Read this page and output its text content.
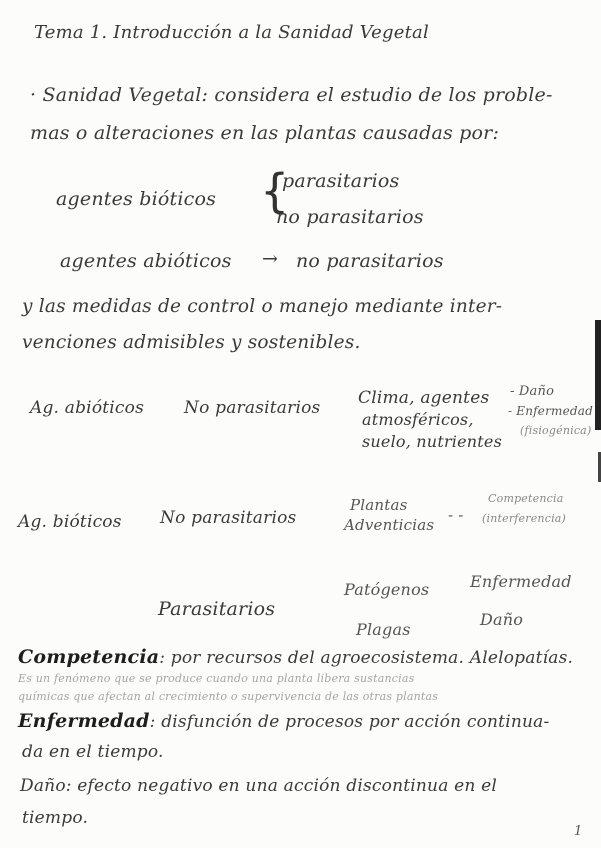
Tema 1. Introducción a la Sanidad Vegetal
· Sanidad Vegetal: considera el estudio de los proble-
mas o alteraciones en las plantas causadas por:
agentes bióticos {
parasitarios
no parasitarios
agentes abióticos → no parasitarios
y las medidas de control o manejo mediante inter-
venciones admisibles y sostenibles.
Ag. abióticos No parasitarios Clima, agentes
atmosféricos,
suelo, nutrientes
- Daño
- Enfermedad
(fisiogénica)
Ag. bióticos No parasitarios
Plantas
Adventicias
- -
Competencia
(interferencia)
Parasitarios
Patógenos	Enfermedad
Plagas
Daño
Competencia: por recursos del agroecosistema. Alelopatías.
Es un fenómeno que se produce cuando una planta libera sustancias
químicas que afectan al crecimiento o supervivencia de las otras plantas
Enfermedad: disfunción de procesos por acción continua-
da en el tiempo.
Daño: efecto negativo en una acción discontinua en el
tiempo.
1
